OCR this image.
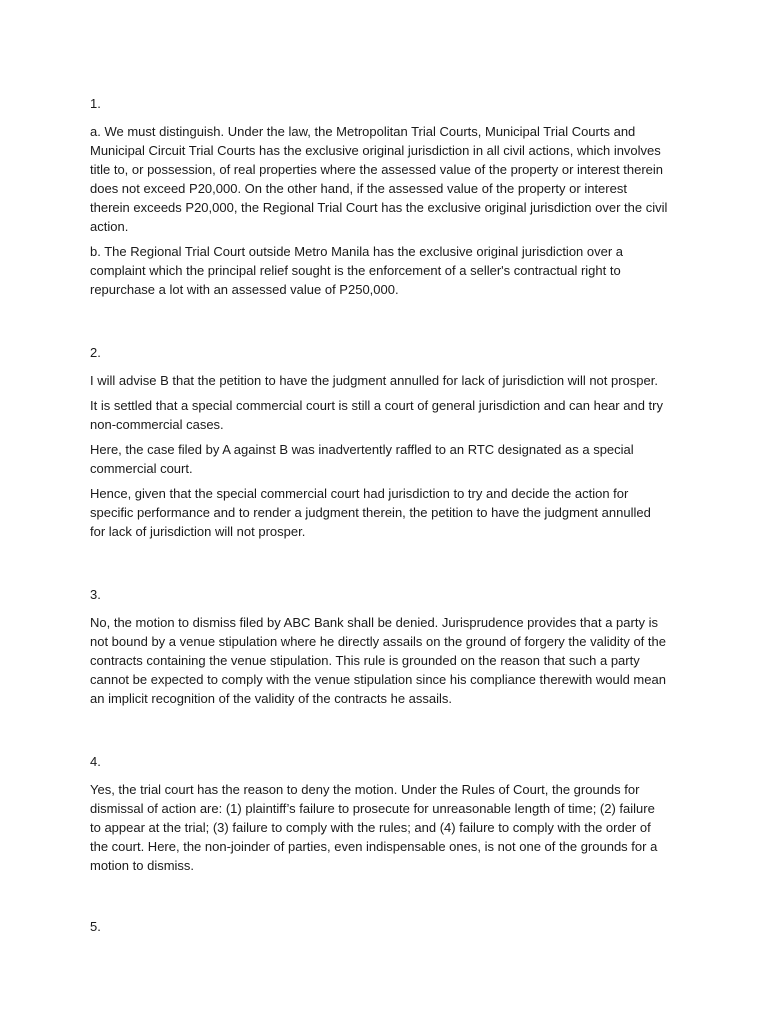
1.

a. We must distinguish. Under the law, the Metropolitan Trial Courts, Municipal Trial Courts and Municipal Circuit Trial Courts has the exclusive original jurisdiction in all civil actions, which involves title to, or possession, of real properties where the assessed value of the property or interest therein does not exceed P20,000. On the other hand, if the assessed value of the property or interest therein exceeds P20,000, the Regional Trial Court has the exclusive original jurisdiction over the civil action.

b. The Regional Trial Court outside Metro Manila has the exclusive original jurisdiction over a complaint which the principal relief sought is the enforcement of a seller's contractual right to repurchase a lot with an assessed value of P250,000.

2.

I will advise B that the petition to have the judgment annulled for lack of jurisdiction will not prosper.

It is settled that a special commercial court is still a court of general jurisdiction and can hear and try non-commercial cases.

Here, the case filed by A against B was inadvertently raffled to an RTC designated as a special commercial court.

Hence, given that the special commercial court had jurisdiction to try and decide the action for specific performance and to render a judgment therein, the petition to have the judgment annulled for lack of jurisdiction will not prosper.

3.

No, the motion to dismiss filed by ABC Bank shall be denied. Jurisprudence provides that a party is not bound by a venue stipulation where he directly assails on the ground of forgery the validity of the contracts containing the venue stipulation. This rule is grounded on the reason that such a party cannot be expected to comply with the venue stipulation since his compliance therewith would mean an implicit recognition of the validity of the contracts he assails.

4.

Yes, the trial court has the reason to deny the motion. Under the Rules of Court, the grounds for dismissal of action are: (1) plaintiff’s failure to prosecute for unreasonable length of time; (2) failure to appear at the trial; (3) failure to comply with the rules; and (4) failure to comply with the order of the court. Here, the non-joinder of parties, even indispensable ones, is not one of the grounds for a motion to dismiss.

5.
